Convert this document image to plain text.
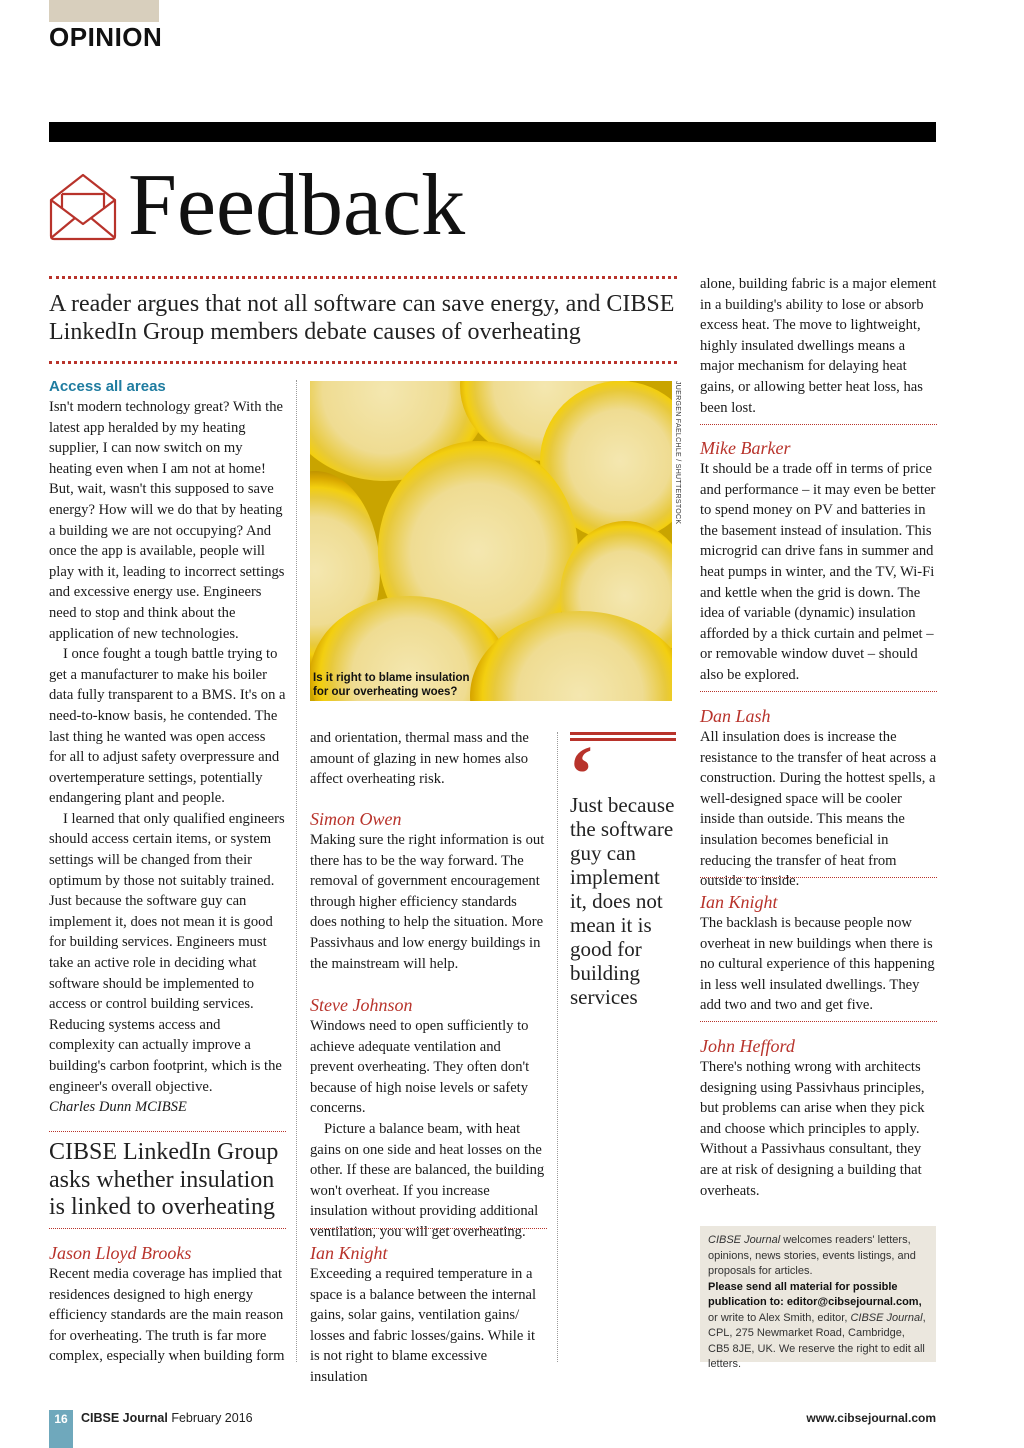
OPINION
Feedback
A reader argues that not all software can save energy, and CIBSE LinkedIn Group members debate causes of overheating
Access all areas

Isn't modern technology great? With the latest app heralded by my heating supplier, I can now switch on my heating even when I am not at home! But, wait, wasn't this supposed to save energy? How will we do that by heating a building we are not occupying? And once the app is available, people will play with it, leading to incorrect settings and excessive energy use. Engineers need to stop and think about the application of new technologies.

I once fought a tough battle trying to get a manufacturer to make his boiler data fully transparent to a BMS. It's on a need-to-know basis, he contended. The last thing he wanted was open access for all to adjust safety overpressure and overtemperature settings, potentially endangering plant and people.

I learned that only qualified engineers should access certain items, or system settings will be changed from their optimum by those not suitably trained. Just because the software guy can implement it, does not mean it is good for building services. Engineers must take an active role in deciding what software should be implemented to access or control building services. Reducing systems access and complexity can actually improve a building's carbon footprint, which is the engineer's overall objective.

Charles Dunn MCIBSE

CIBSE LinkedIn Group asks whether insulation is linked to overheating
Jason Lloyd Brooks

Recent media coverage has implied that residences designed to high energy efficiency standards are the main reason for overheating. The truth is far more complex, especially when building form

Is it right to blame insulation for our overheating woes?
JUERGEN FAELCHLE / SHUTTERSTOCK

and orientation, thermal mass and the amount of glazing in new homes also affect overheating risk.

Simon Owen

Making sure the right information is out there has to be the way forward. The removal of government encouragement through higher efficiency standards does nothing to help the situation. More Passivhaus and low energy buildings in the mainstream will help.

Steve Johnson

Windows need to open sufficiently to achieve adequate ventilation and prevent overheating. They often don't because of high noise levels or safety concerns.

Picture a balance beam, with heat gains on one side and heat losses on the other. If these are balanced, the building won't overheat. If you increase insulation without providing additional ventilation, you will get overheating.

Ian Knight

Exceeding a required temperature in a space is a balance between the internal gains, solar gains, ventilation gains/ losses and fabric losses/gains. While it is not right to blame excessive insulation

‘
Just because the software guy can implement it, does not mean it is good for building services

alone, building fabric is a major element in a building's ability to lose or absorb excess heat. The move to lightweight, highly insulated dwellings means a major mechanism for delaying heat gains, or allowing better heat loss, has been lost.

Mike Barker

It should be a trade off in terms of price and performance – it may even be better to spend money on PV and batteries in the basement instead of insulation. This microgrid can drive fans in summer and heat pumps in winter, and the TV, Wi-Fi and kettle when the grid is down. The idea of variable (dynamic) insulation afforded by a thick curtain and pelmet – or removable window duvet – should also be explored.

Dan Lash

All insulation does is increase the resistance to the transfer of heat across a construction. During the hottest spells, a well-designed space will be cooler inside than outside. This means the insulation becomes beneficial in reducing the transfer of heat from outside to inside.

Ian Knight

The backlash is because people now overheat in new buildings when there is no cultural experience of this happening in less well insulated dwellings. They add two and two and get five.

John Hefford

There's nothing wrong with architects designing using Passivhaus principles, but problems can arise when they pick and choose which principles to apply. Without a Passivhaus consultant, they are at risk of designing a building that overheats.

CIBSE Journal welcomes readers' letters, opinions, news stories, events listings, and proposals for articles.
Please send all material for possible publication to: editor@cibsejournal.com, or write to Alex Smith, editor, CIBSE Journal, CPL, 275 Newmarket Road, Cambridge, CB5 8JE, UK. We reserve the right to edit all letters.
16	CIBSE Journal February 2016	www.cibsejournal.com
